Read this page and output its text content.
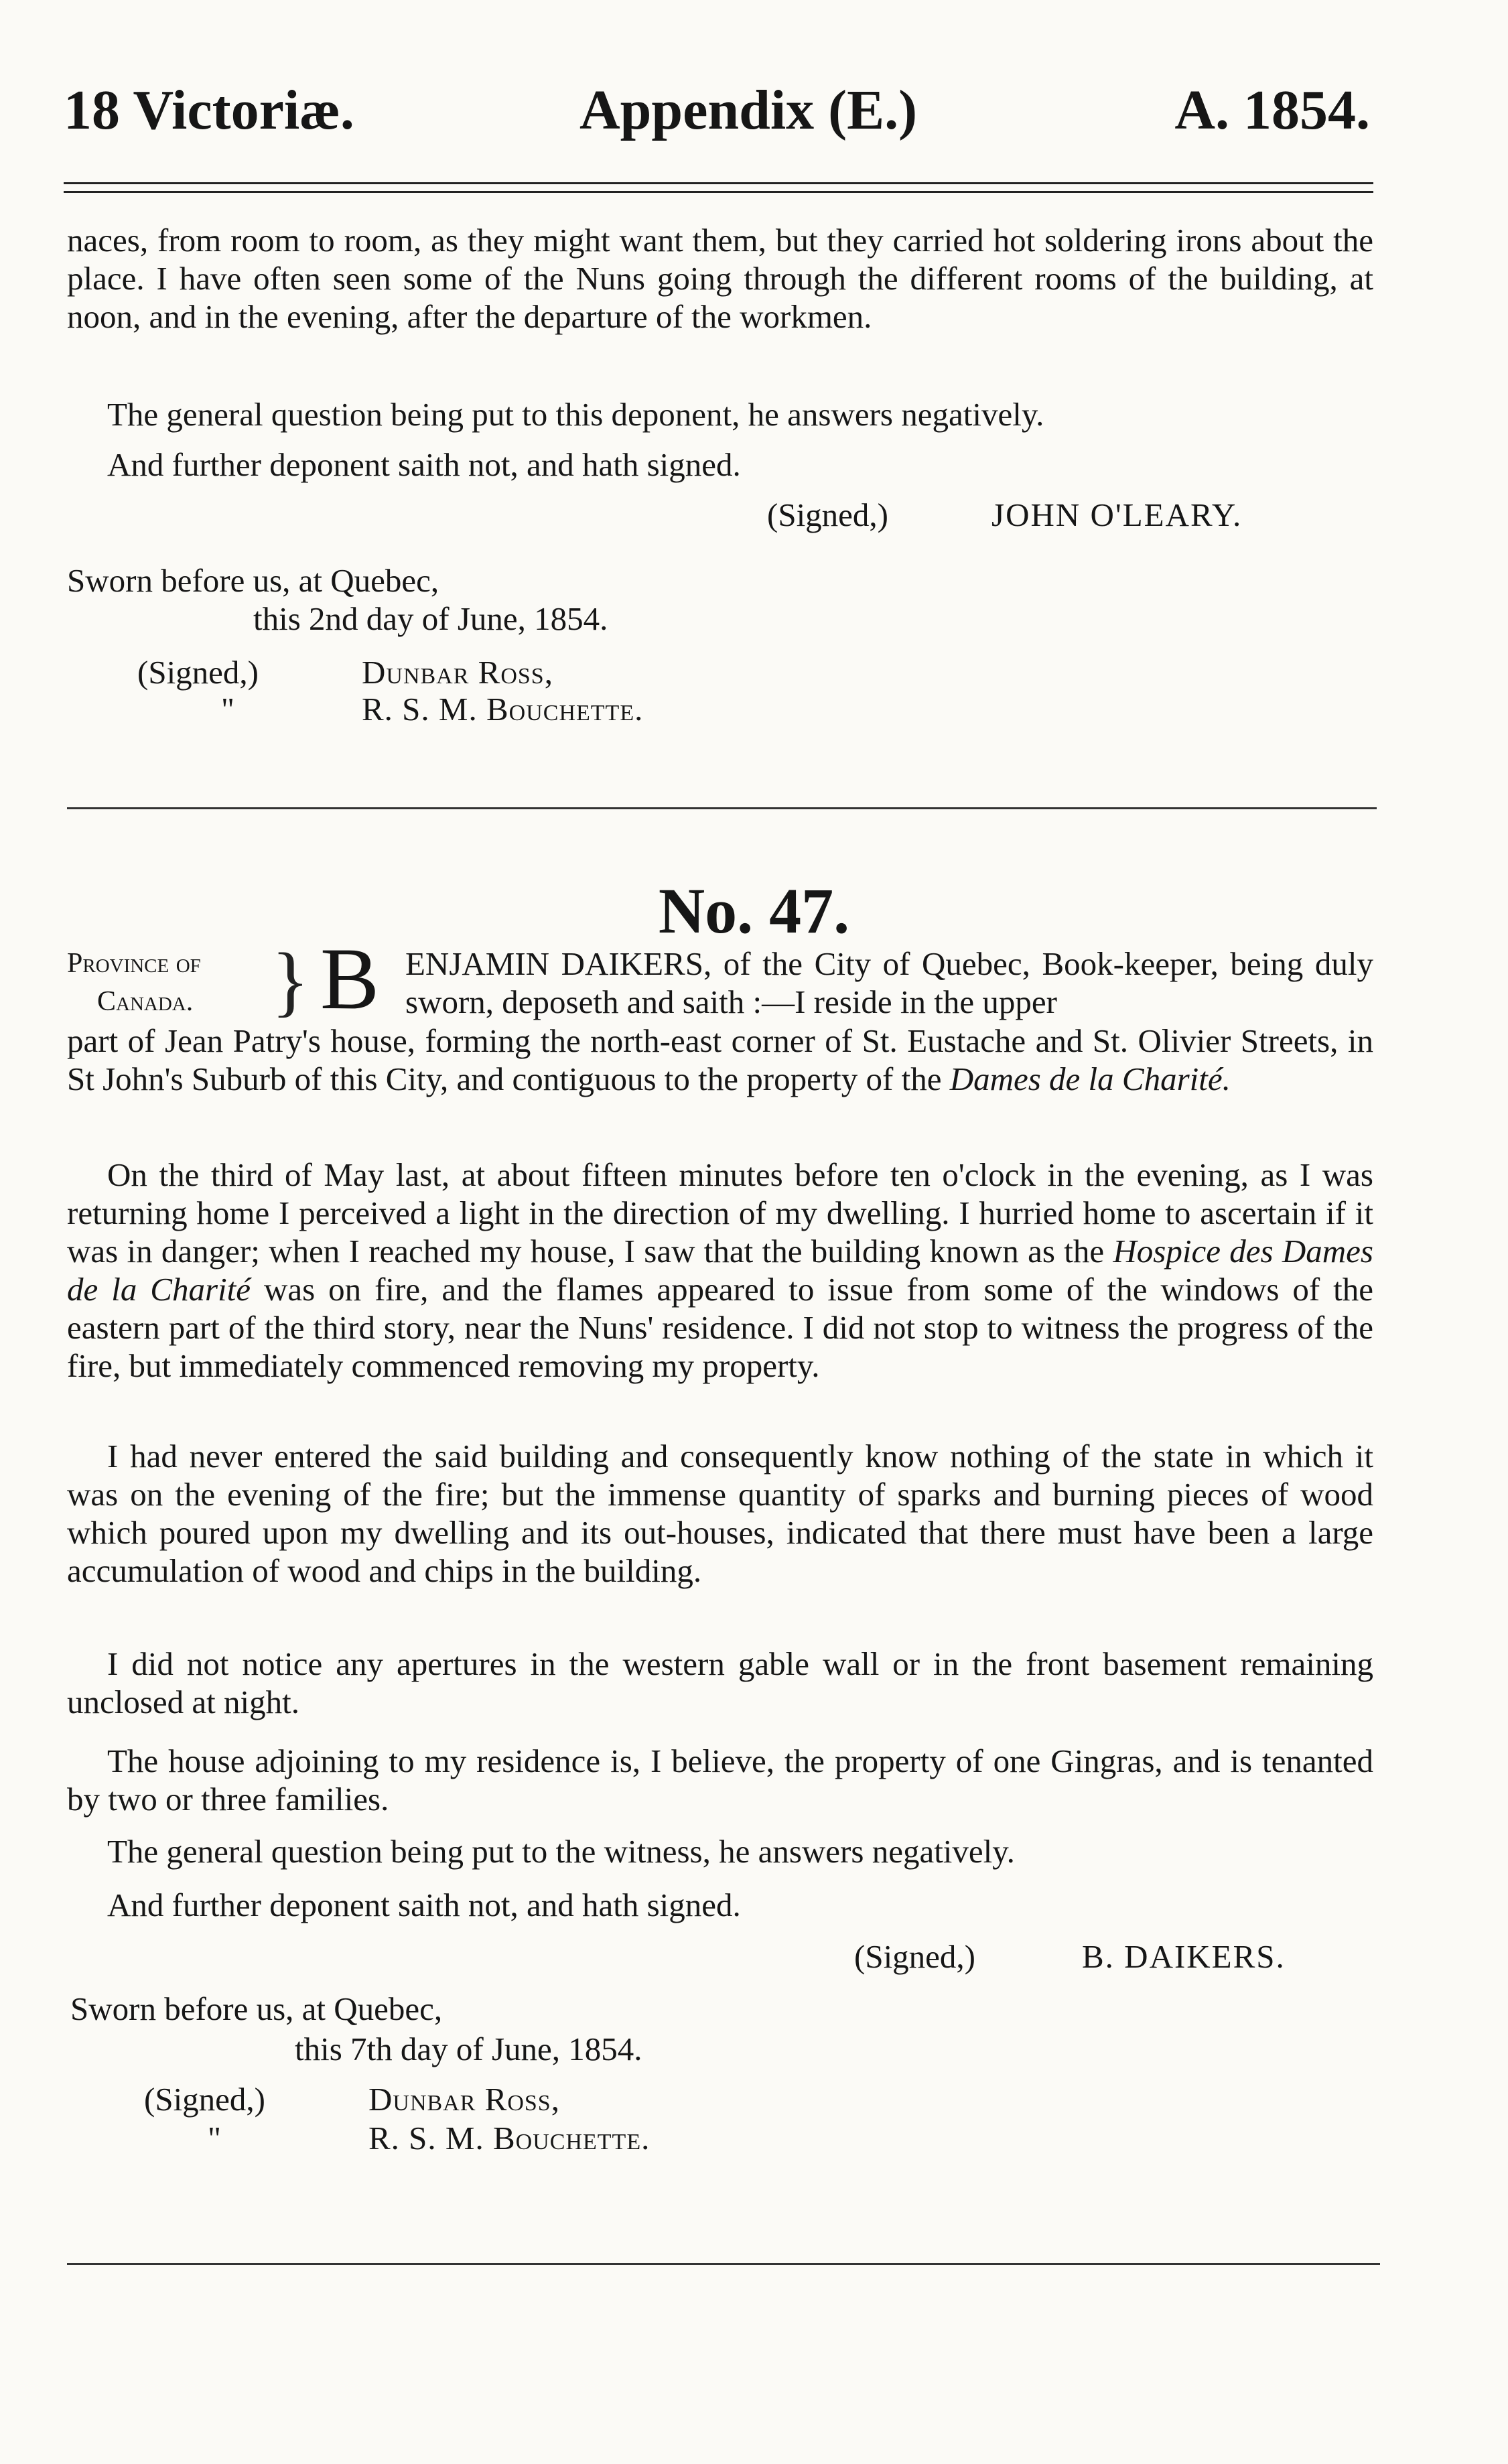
18 Victoriæ.	Appendix (E.)	A. 1854.

naces, from room to room, as they might want them, but they carried hot soldering irons about the place. I have often seen some of the Nuns going through the different rooms of the building, at noon, and in the evening, after the departure of the workmen.

The general question being put to this deponent, he answers negatively.

And further deponent saith not, and hath signed.

(Signed,)	JOHN O'LEARY.

Sworn before us, at Quebec,

this 2nd day of June, 1854.

(Signed,)	Dunbar Ross,

"	R. S. M. Bouchette.

No. 47.
Province of
Canada. } B ENJAMIN DAIKERS, of the City of Quebec, Book-keeper, being duly sworn, deposeth and saith :—I reside in the upper

part of Jean Patry's house, forming the north-east corner of St. Eustache and St. Olivier Streets, in St John's Suburb of this City, and contiguous to the property of the Dames de la Charité.

On the third of May last, at about fifteen minutes before ten o'clock in the evening, as I was returning home I perceived a light in the direction of my dwelling. I hurried home to ascertain if it was in danger; when I reached my house, I saw that the building known as the Hospice des Dames de la Charité was on fire, and the flames appeared to issue from some of the windows of the eastern part of the third story, near the Nuns' residence. I did not stop to witness the progress of the fire, but immediately commenced removing my property.

I had never entered the said building and consequently know nothing of the state in which it was on the evening of the fire; but the immense quantity of sparks and burning pieces of wood which poured upon my dwelling and its out-houses, indicated that there must have been a large accumulation of wood and chips in the building.

I did not notice any apertures in the western gable wall or in the front basement remaining unclosed at night.

The house adjoining to my residence is, I believe, the property of one Gingras, and is tenanted by two or three families.

The general question being put to the witness, he answers negatively.

And further deponent saith not, and hath signed.

(Signed,)	B. DAIKERS.

Sworn before us, at Quebec,

this 7th day of June, 1854.

(Signed,)	Dunbar Ross,

"	R. S. M. Bouchette.
